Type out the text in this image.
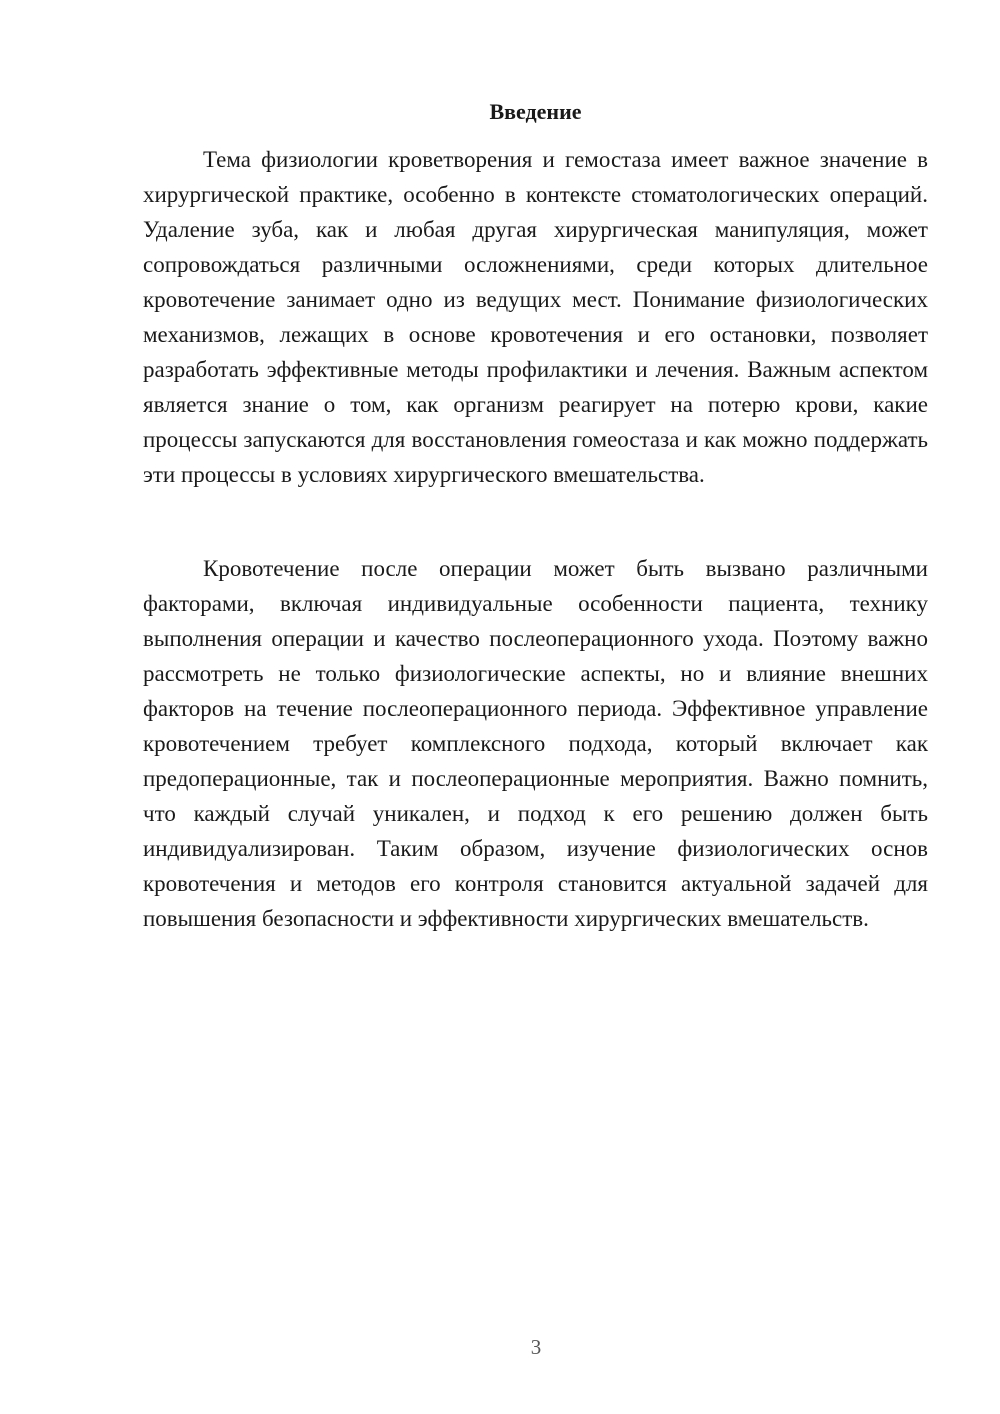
Введение

Тема физиологии кроветворения и гемостаза имеет важное значение в хирургической практике, особенно в контексте стоматологических операций. Удаление зуба, как и любая другая хирургическая манипуляция, может сопровождаться различными осложнениями, среди которых длительное кровотечение занимает одно из ведущих мест. Понимание физиологических механизмов, лежащих в основе кровотечения и его остановки, позволяет разработать эффективные методы профилактики и лечения. Важным аспектом является знание о том, как организм реагирует на потерю крови, какие процессы запускаются для восстановления гомеостаза и как можно поддержать эти процессы в условиях хирургического вмешательства.

Кровотечение после операции может быть вызвано различными факторами, включая индивидуальные особенности пациента, технику выполнения операции и качество послеоперационного ухода. Поэтому важно рассмотреть не только физиологические аспекты, но и влияние внешних факторов на течение послеоперационного периода. Эффективное управление кровотечением требует комплексного подхода, который включает как предоперационные, так и послеоперационные мероприятия. Важно помнить, что каждый случай уникален, и подход к его решению должен быть индивидуализирован. Таким образом, изучение физиологических основ кровотечения и методов его контроля становится актуальной задачей для повышения безопасности и эффективности хирургических вмешательств.

3
